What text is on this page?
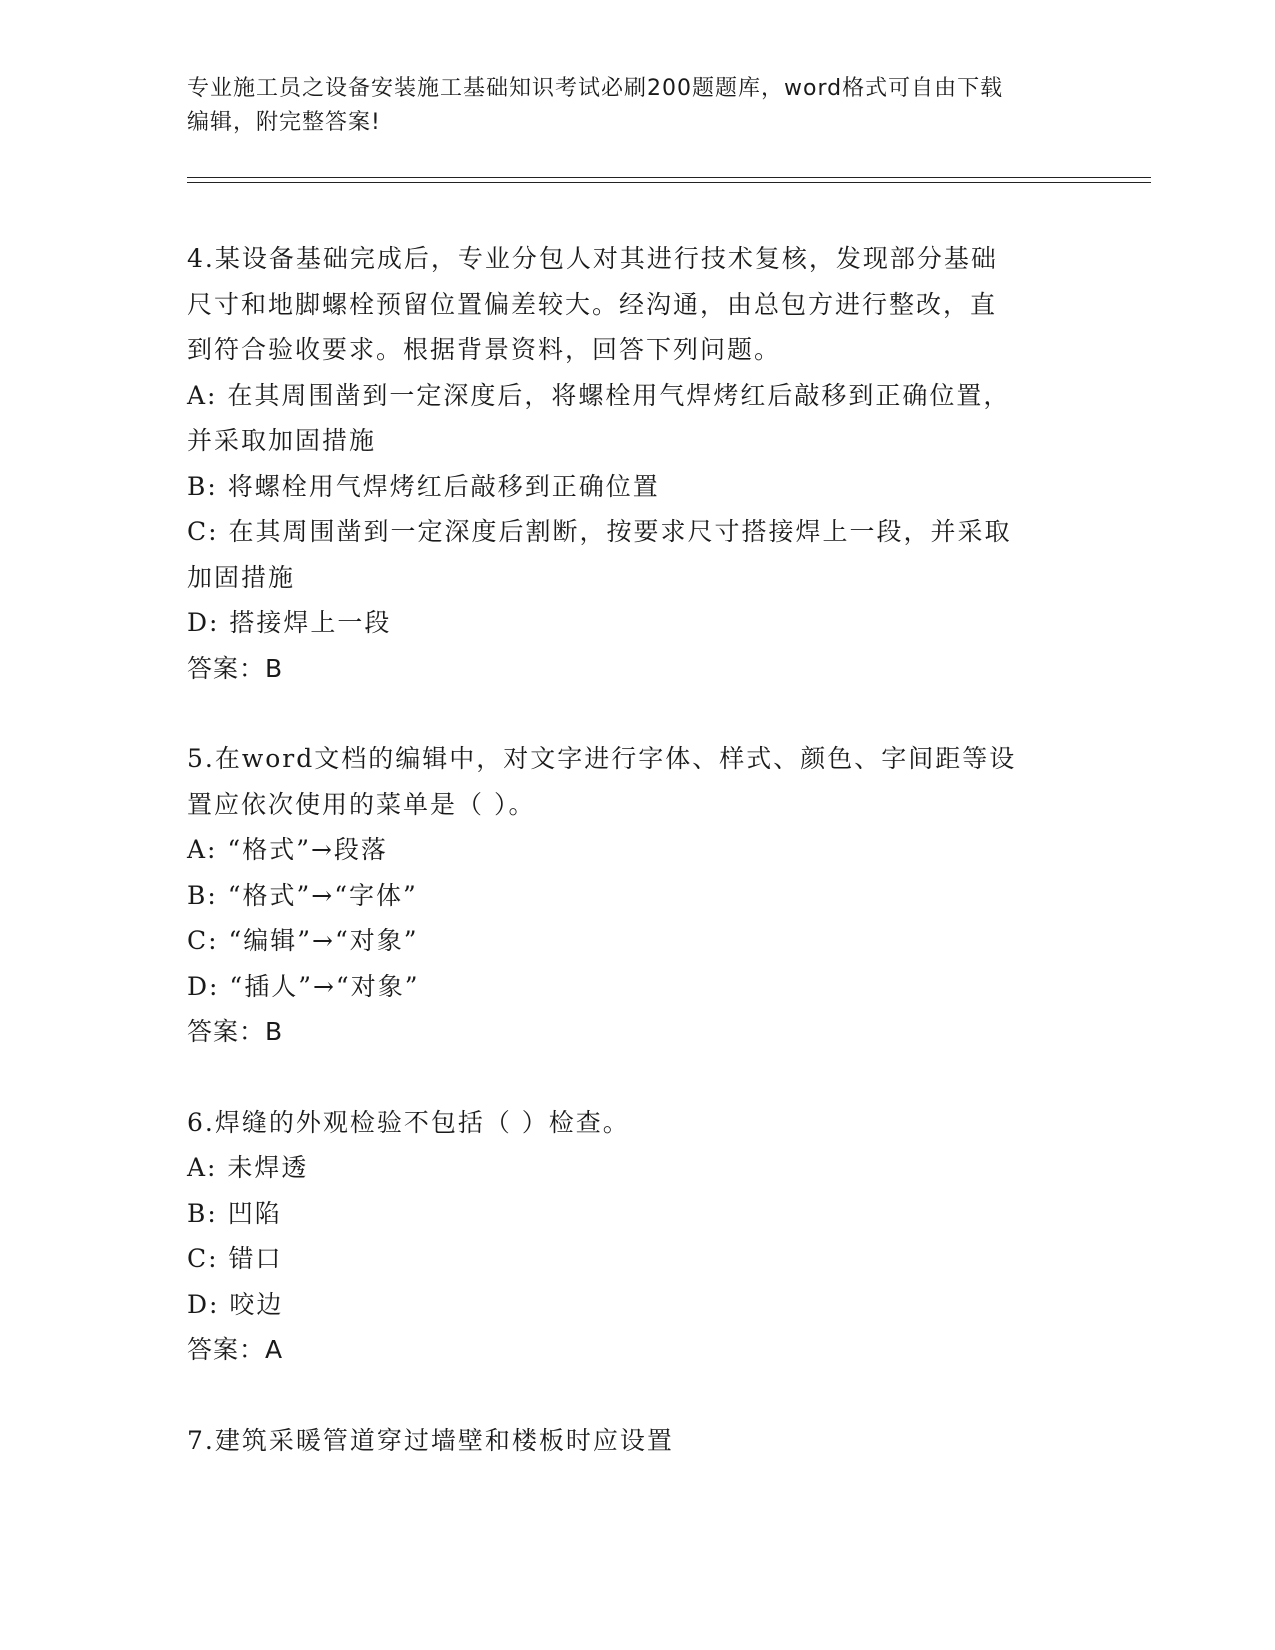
专业施工员之设备安装施工基础知识考试必刷200题题库，word格式可自由下载
编辑，附完整答案!

4.某设备基础完成后，专业分包人对其进行技术复核，发现部分基础

尺寸和地脚螺栓预留位置偏差较大。经沟通，由总包方进行整改，直

到符合验收要求。根据背景资料，回答下列问题。

A: 在其周围凿到一定深度后，将螺栓用气焊烤红后敲移到正确位置，

并采取加固措施

B: 将螺栓用气焊烤红后敲移到正确位置

C: 在其周围凿到一定深度后割断，按要求尺寸搭接焊上一段，并采取

加固措施

D: 搭接焊上一段

答案：B

5.在word文档的编辑中，对文字进行字体、样式、颜色、字间距等设

置应依次使用的菜单是（ ）。

A: “格式”→段落

B: “格式”→“字体”

C: “编辑”→“对象”

D: “插人”→“对象”

答案：B

6.焊缝的外观检验不包括（ ）检查。

A: 未焊透

B: 凹陷

C: 错口

D: 咬边

答案：A

7.建筑采暖管道穿过墙壁和楼板时应设置
